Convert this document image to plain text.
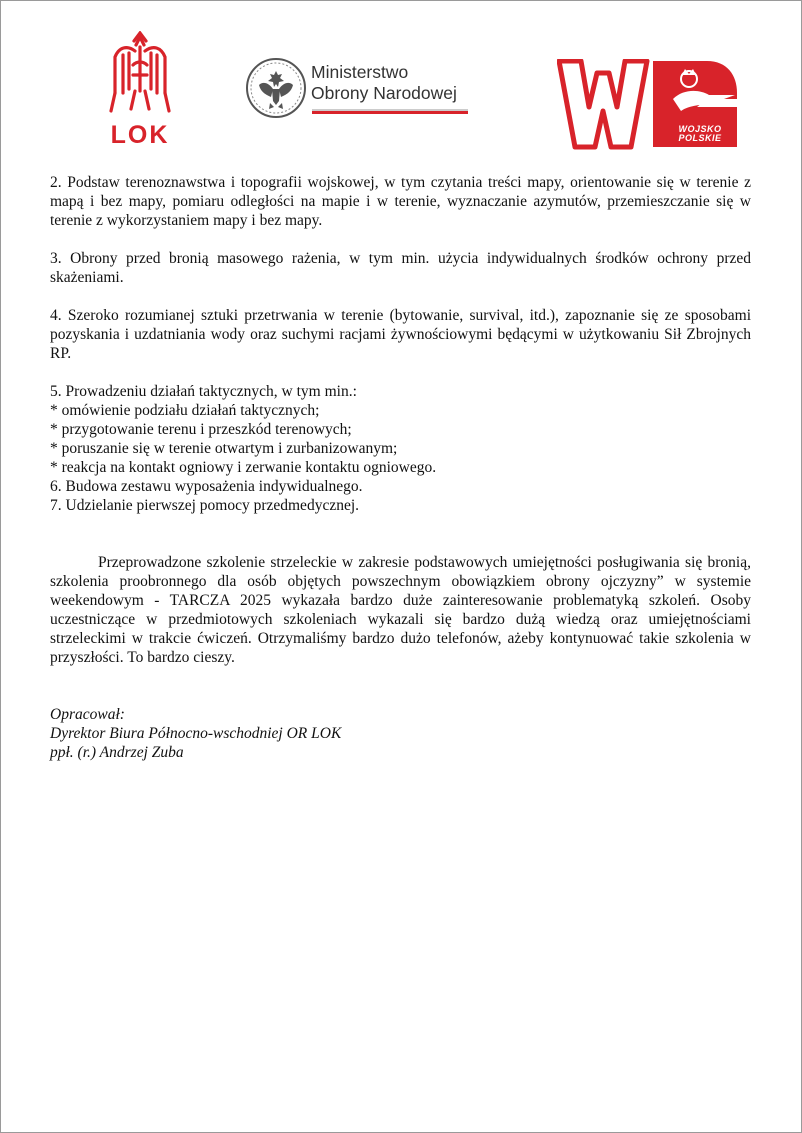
LOK
Ministerstwo
Obrony Narodowej
WOJSKO
POLSKIE

2. Podstaw terenoznawstwa i topografii wojskowej, w tym czytania treści mapy, orientowanie się w terenie z mapą i bez mapy, pomiaru odległości na mapie i w terenie, wyznaczanie azymutów, przemieszczanie się w terenie z wykorzystaniem mapy i bez mapy.

3. Obrony przed bronią masowego rażenia, w tym min. użycia indywidualnych środków ochrony przed skażeniami.

4. Szeroko rozumianej sztuki przetrwania w terenie (bytowanie, survival, itd.), zapoznanie się ze sposobami pozyskania i uzdatniania wody oraz suchymi racjami żywnościowymi będącymi w użytkowaniu Sił Zbrojnych RP.

5. Prowadzeniu działań taktycznych, w tym min.:

* omówienie podziału działań taktycznych;

* przygotowanie terenu i przeszkód terenowych;

* poruszanie się w terenie otwartym i zurbanizowanym;

* reakcja na kontakt ogniowy i zerwanie kontaktu ogniowego.

6. Budowa zestawu wyposażenia indywidualnego.

7. Udzielanie pierwszej pomocy przedmedycznej.

Przeprowadzone szkolenie strzeleckie w zakresie podstawowych umiejętności posługiwania się bronią, szkolenia proobronnego dla osób objętych powszechnym obowiązkiem obrony ojczyzny” w systemie weekendowym - TARCZA 2025 wykazała bardzo duże zainteresowanie problematyką szkoleń. Osoby uczestniczące w przedmiotowych szkoleniach wykazali się bardzo dużą wiedzą oraz umiejętnościami strzeleckimi w trakcie ćwiczeń. Otrzymaliśmy bardzo dużo telefonów, ażeby kontynuować takie szkolenia w przyszłości. To bardzo cieszy.

Opracował:

Dyrektor Biura Północno-wschodniej OR LOK

ppł. (r.) Andrzej Zuba
